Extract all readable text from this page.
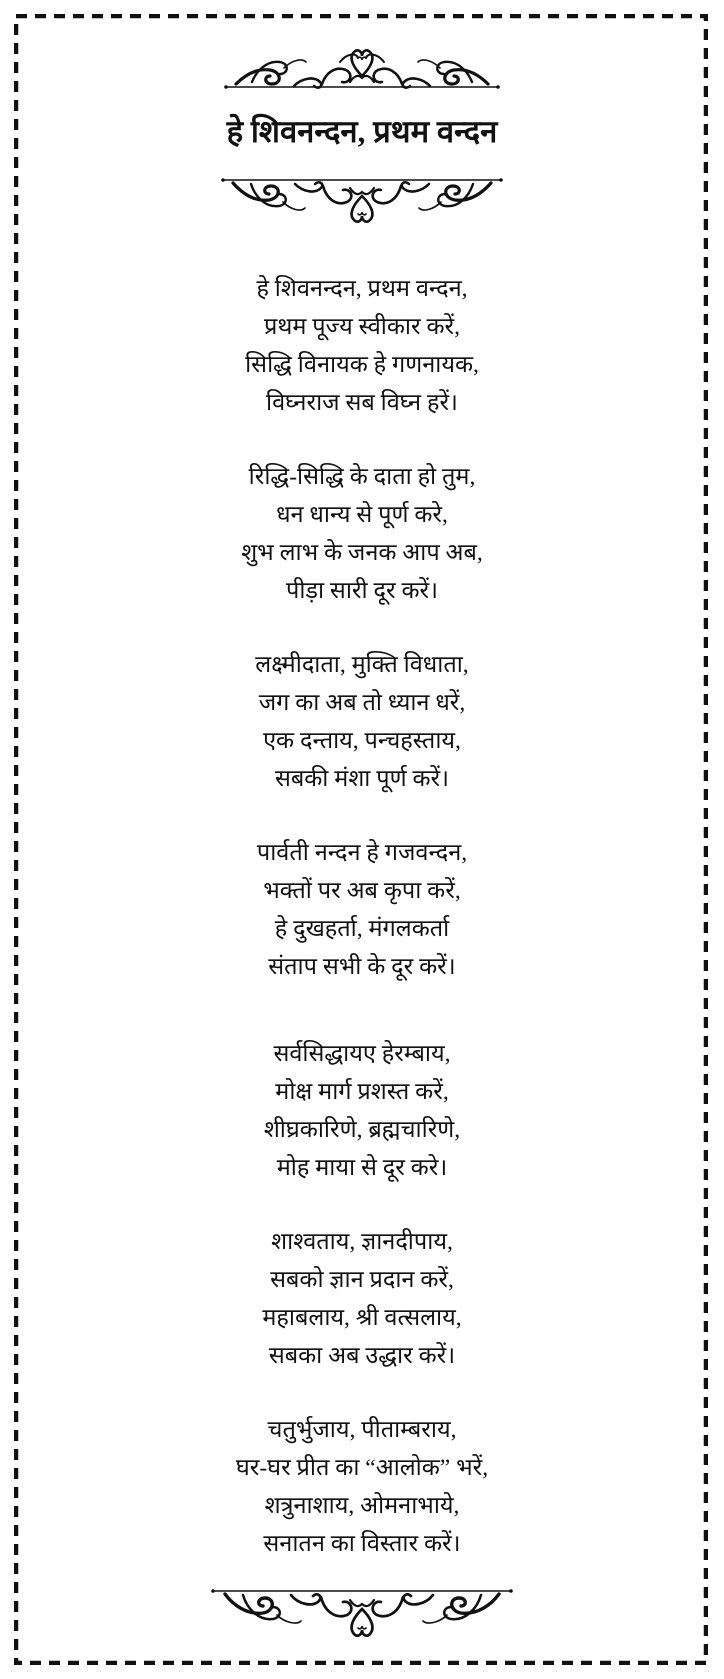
हे शिवनन्दन, प्रथम वन्दन
हे शिवनन्दन, प्रथम वन्दन,
प्रथम पूज्य स्वीकार करें,
सिद्धि विनायक हे गणनायक,
विघ्नराज सब विघ्न हरें।
रिद्धि-सिद्धि के दाता हो तुम,
धन धान्य से पूर्ण करे,
शुभ लाभ के जनक आप अब,
पीड़ा सारी दूर करें।
लक्ष्मीदाता, मुक्ति विधाता,
जग का अब तो ध्यान धरें,
एक दन्ताय, पन्चहस्ताय,
सबकी मंशा पूर्ण करें।
पार्वती नन्दन हे गजवन्दन,
भक्तों पर अब कृपा करें,
हे दुखहर्ता, मंगलकर्ता
संताप सभी के दूर करें।
सर्वसिद्धायए हेरम्बाय,
मोक्ष मार्ग प्रशस्त करें,
शीघ्रकारिणे, ब्रह्मचारिणे,
मोह माया से दूर करे।
शाश्वताय, ज्ञानदीपाय,
सबको ज्ञान प्रदान करें,
महाबलाय, श्री वत्सलाय,
सबका अब उद्धार करें।
चतुर्भुजाय, पीताम्बराय,
घर-घर प्रीत का “आलोक” भरें,
शत्रुनाशाय, ओमनाभाये,
सनातन का विस्तार करें।
